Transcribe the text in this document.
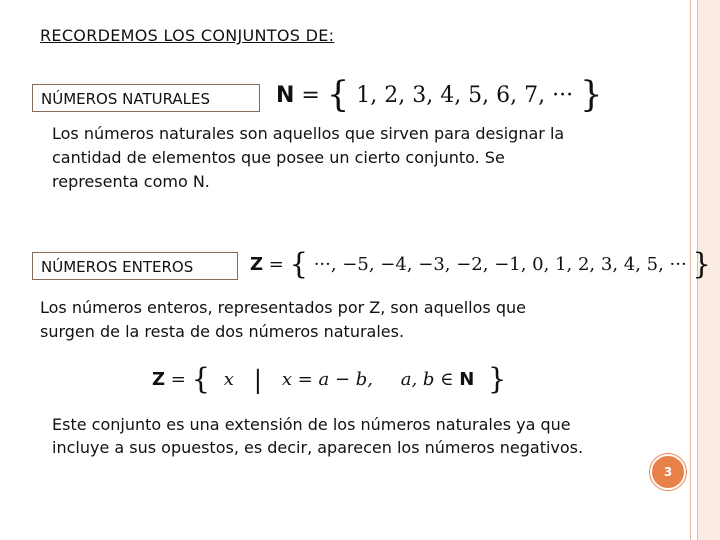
RECORDEMOS LOS CONJUNTOS DE:
NÚMEROS NATURALES	N = { 1, 2, 3, 4, 5, 6, 7, ··· }
Los números naturales son aquellos que sirven para designar la
cantidad de elementos que posee un cierto conjunto. Se
representa como N.
NÚMEROS ENTEROS	Z = { ···, −5, −4, −3, −2, −1, 0, 1, 2, 3, 4, 5, ··· }
Los números enteros, representados por Z, son aquellos que
surgen de la resta de dos números naturales.
Z = { x | x = a − b, a, b ∈ N }
Este conjunto es una extensión de los números naturales ya que
incluye a sus opuestos, es decir, aparecen los números negativos.
3
